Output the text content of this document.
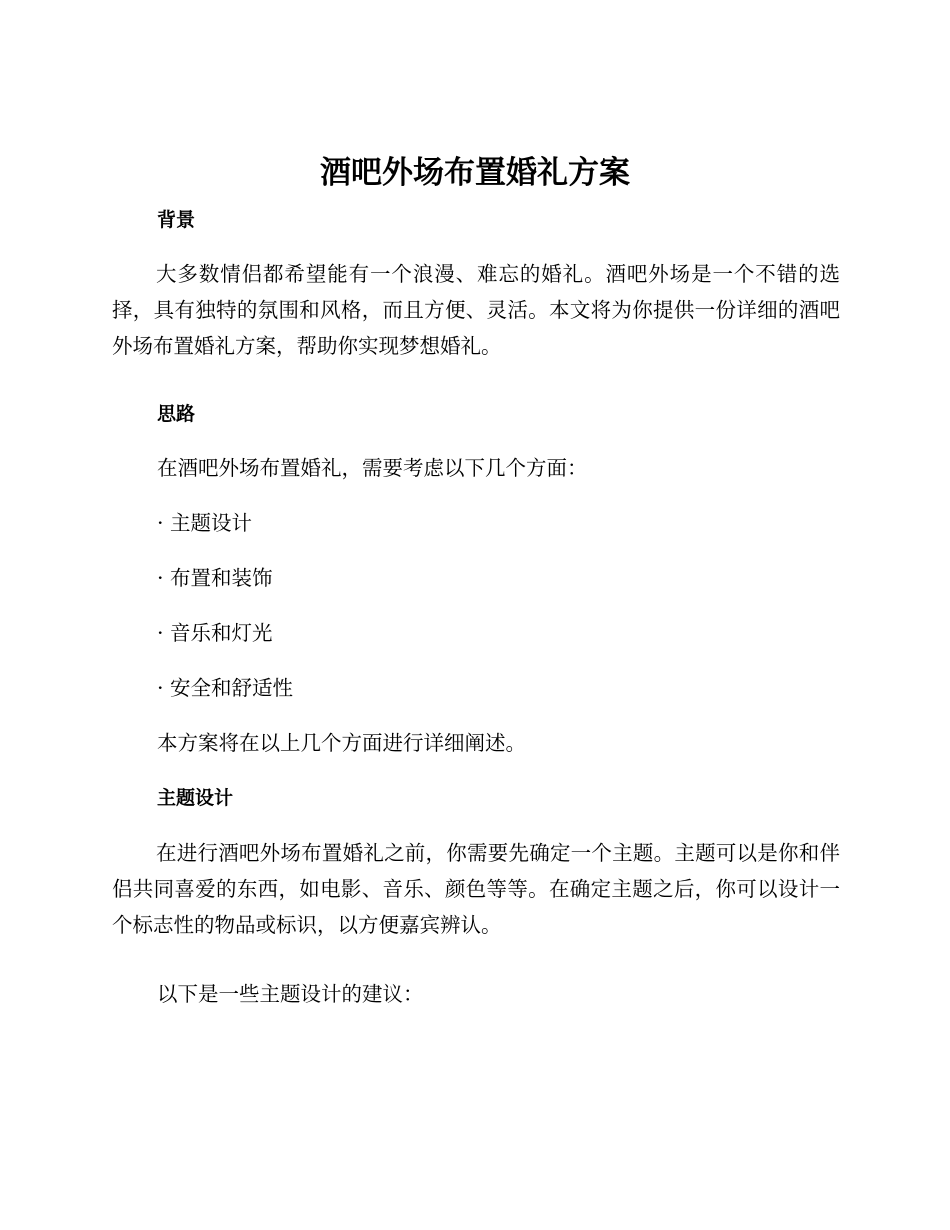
酒吧外场布置婚礼方案
背景

大多数情侣都希望能有一个浪漫、难忘的婚礼。酒吧外场是一个不错的选择，具有独特的氛围和风格，而且方便、灵活。本文将为你提供一份详细的酒吧外场布置婚礼方案，帮助你实现梦想婚礼。

思路

在酒吧外场布置婚礼，需要考虑以下几个方面：

· 主题设计

· 布置和装饰

· 音乐和灯光

· 安全和舒适性

本方案将在以上几个方面进行详细阐述。

主题设计

在进行酒吧外场布置婚礼之前，你需要先确定一个主题。主题可以是你和伴侣共同喜爱的东西，如电影、音乐、颜色等等。在确定主题之后，你可以设计一个标志性的物品或标识，以方便嘉宾辨认。

以下是一些主题设计的建议：
